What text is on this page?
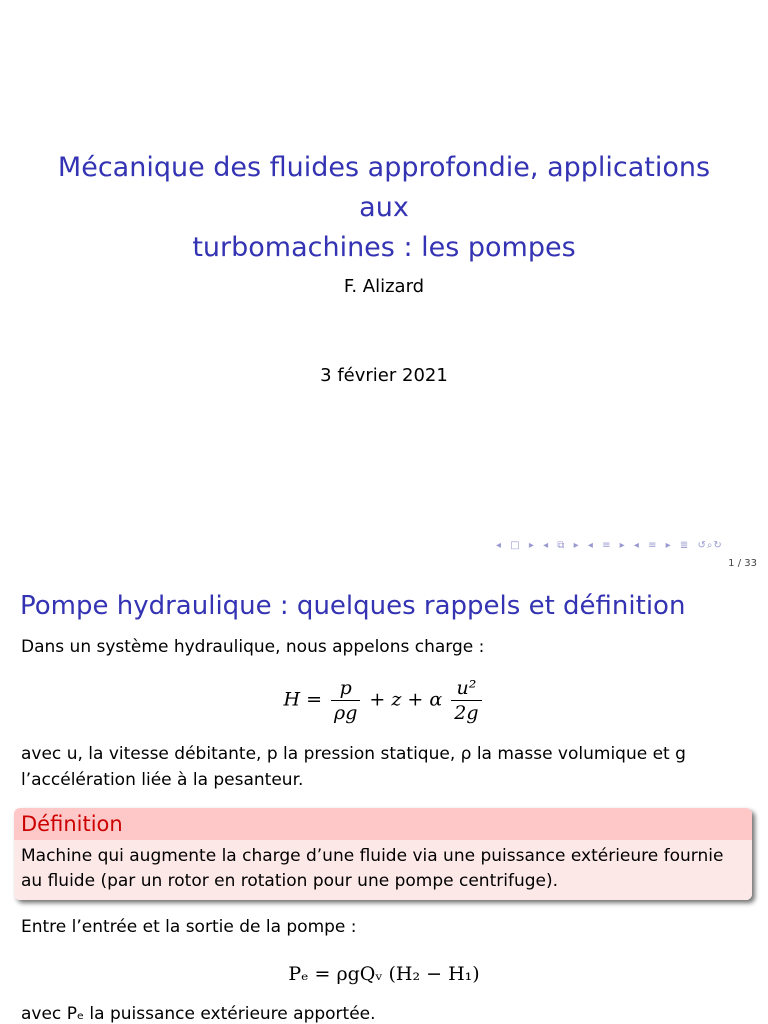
Mécanique des fluides approfondie, applications aux
turbomachines : les pompes
F. Alizard
3 février 2021
◂ □ ▸ ◂ ⧉ ▸ ◂ ≡ ▸ ◂ ≡ ▸ ≣ ↺⌕↻
1 / 33
Pompe hydraulique : quelques rappels et définition
Dans un système hydraulique, nous appelons charge :
$H = \frac{p}{\rho g} + z + \alpha \frac{\text{u²}}{2g}$
avec u, la vitesse débitante, p la pression statique, ρ la masse volumique et g l’accélération liée à la pesanteur.
Définition
Machine qui augmente la charge d’une fluide via une puissance extérieure fournie au fluide (par un rotor en rotation pour une pompe centrifuge).
Entre l’entrée et la sortie de la pompe :
Pₑ = ρgQᵥ (H₂ − H₁)
avec Pₑ la puissance extérieure apportée.
